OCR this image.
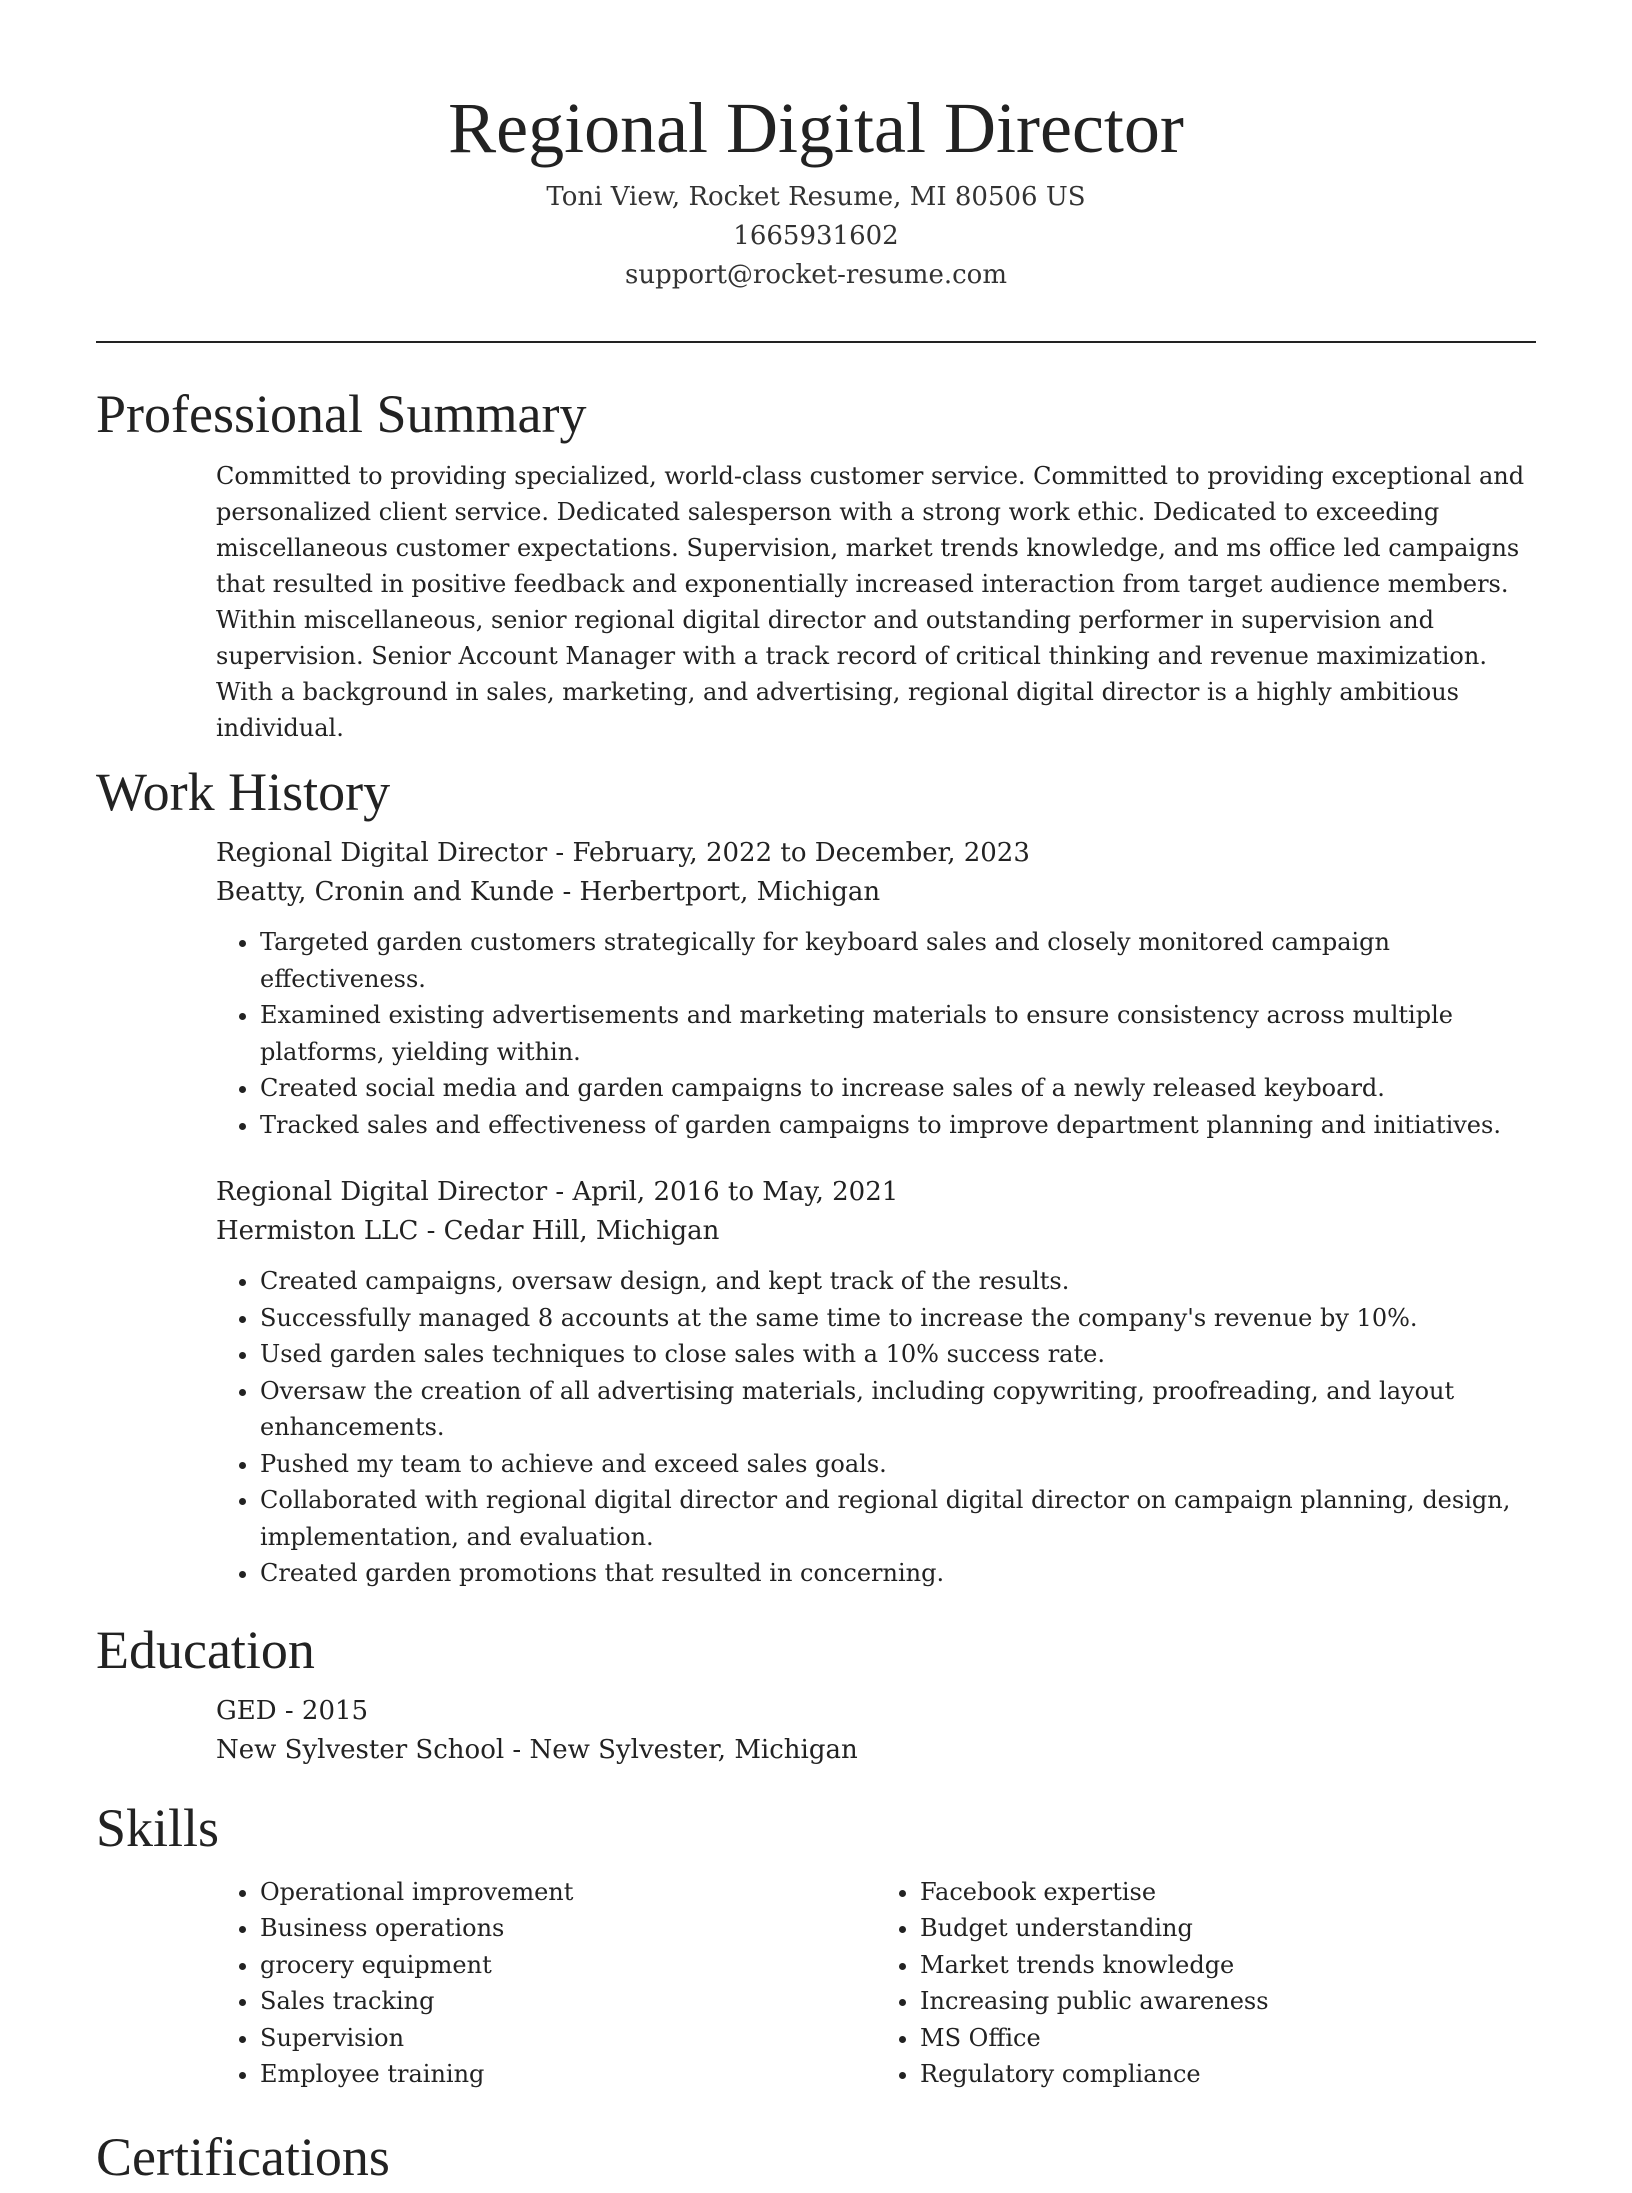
Regional Digital Director
Toni View, Rocket Resume, MI 80506 US
1665931602
support@rocket-resume.com
Professional Summary

Committed to providing specialized, world-class customer service. Committed to providing exceptional and personalized client service. Dedicated salesperson with a strong work ethic. Dedicated to exceeding miscellaneous customer expectations. Supervision, market trends knowledge, and ms office led campaigns that resulted in positive feedback and exponentially increased interaction from target audience members. Within miscellaneous, senior regional digital director and outstanding performer in supervision and supervision. Senior Account Manager with a track record of critical thinking and revenue maximization. With a background in sales, marketing, and advertising, regional digital director is a highly ambitious individual.

Work History
Regional Digital Director - February, 2022 to December, 2023
Beatty, Cronin and Kunde - Herbertport, Michigan
• Targeted garden customers strategically for keyboard sales and closely monitored campaign effectiveness.
• Examined existing advertisements and marketing materials to ensure consistency across multiple platforms, yielding within.
• Created social media and garden campaigns to increase sales of a newly released keyboard.
• Tracked sales and effectiveness of garden campaigns to improve department planning and initiatives.
Regional Digital Director - April, 2016 to May, 2021
Hermiston LLC - Cedar Hill, Michigan
• Created campaigns, oversaw design, and kept track of the results.
• Successfully managed 8 accounts at the same time to increase the company's revenue by 10%.
• Used garden sales techniques to close sales with a 10% success rate.
• Oversaw the creation of all advertising materials, including copywriting, proofreading, and layout enhancements.
• Pushed my team to achieve and exceed sales goals.
• Collaborated with regional digital director and regional digital director on campaign planning, design, implementation, and evaluation.
• Created garden promotions that resulted in concerning.
Education
GED - 2015
New Sylvester School - New Sylvester, Michigan
Skills
• Operational improvement
• Business operations
• grocery equipment
• Sales tracking
• Supervision
• Employee training
• Facebook expertise
• Budget understanding
• Market trends knowledge
• Increasing public awareness
• MS Office
• Regulatory compliance
Certifications
